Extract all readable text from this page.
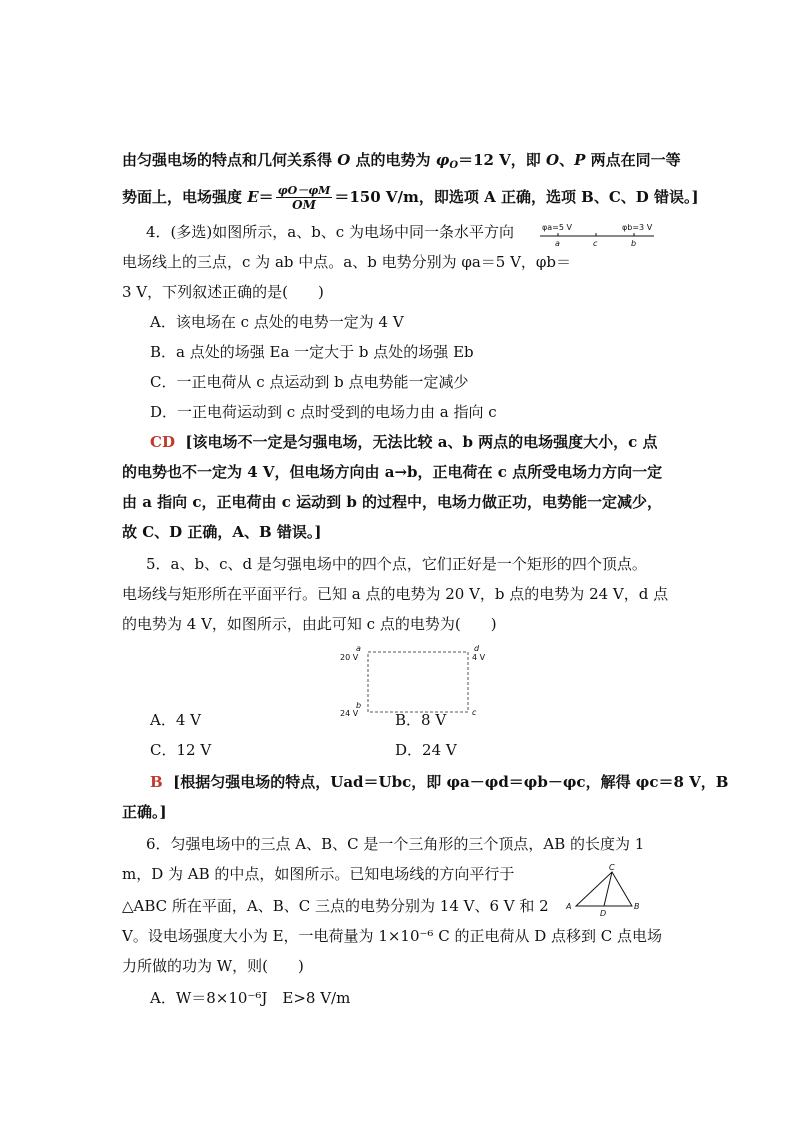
由匀强电场的特点和几何关系得 O 点的电势为 $\varphi_O=12$ V，即 O、P 两点在同一等
势面上，电场强度 $E= \frac{\varphi O-\varphi M}{OM} =150$ V/m，即选项 A 正确，选项 B、C、D 错误。]
4．(多选)如图所示，a、b、c 为电场中同一条水平方向
电场线上的三点，c 为 ab 中点。a、b 电势分别为 φa＝5 V，φb＝
3 V，下列叙述正确的是(　　)
φa=5 V	φb=3 V
a	c	b
A．该电场在 c 点处的电势一定为 4 V
B．a 点处的场强 Ea 一定大于 b 点处的场强 Eb
C．一正电荷从 c 点运动到 b 点电势能一定减少
D．一正电荷运动到 c 点时受到的电场力由 a 指向 c
CD [该电场不一定是匀强电场，无法比较 a、b 两点的电场强度大小，c 点
的电势也不一定为 4 V，但电场方向由 a→b，正电荷在 c 点所受电场力方向一定
由 a 指向 c，正电荷由 c 运动到 b 的过程中，电场力做正功，电势能一定减少，
故 C、D 正确，A、B 错误。]
5．a、b、c、d 是匀强电场中的四个点，它们正好是一个矩形的四个顶点。
电场线与矩形所在平面平行。已知 a 点的电势为 20 V，b 点的电势为 24 V，d 点
的电势为 4 V，如图所示，由此可知 c 点的电势为(　　)
a
20 V
d
4 V
b
24 V	c
A．4 V	B．8 V
C．12 V	D．24 V
B [根据匀强电场的特点，Uad＝Ubc，即 φa－φd＝φb－φc，解得 φc＝8 V，B
正确。]
6．匀强电场中的三点 A、B、C 是一个三角形的三个顶点，AB 的长度为 1
m，D 为 AB 的中点，如图所示。已知电场线的方向平行于
△ABC 所在平面，A、B、C 三点的电势分别为 14 V、6 V 和 2
V。设电场强度大小为 E，一电荷量为 1×10⁻⁶ C 的正电荷从 D 点移到 C 点电场
力所做的功为 W，则(　　)
A	B
C
D
A．W＝8×10⁻⁶J　E>8 V/m
